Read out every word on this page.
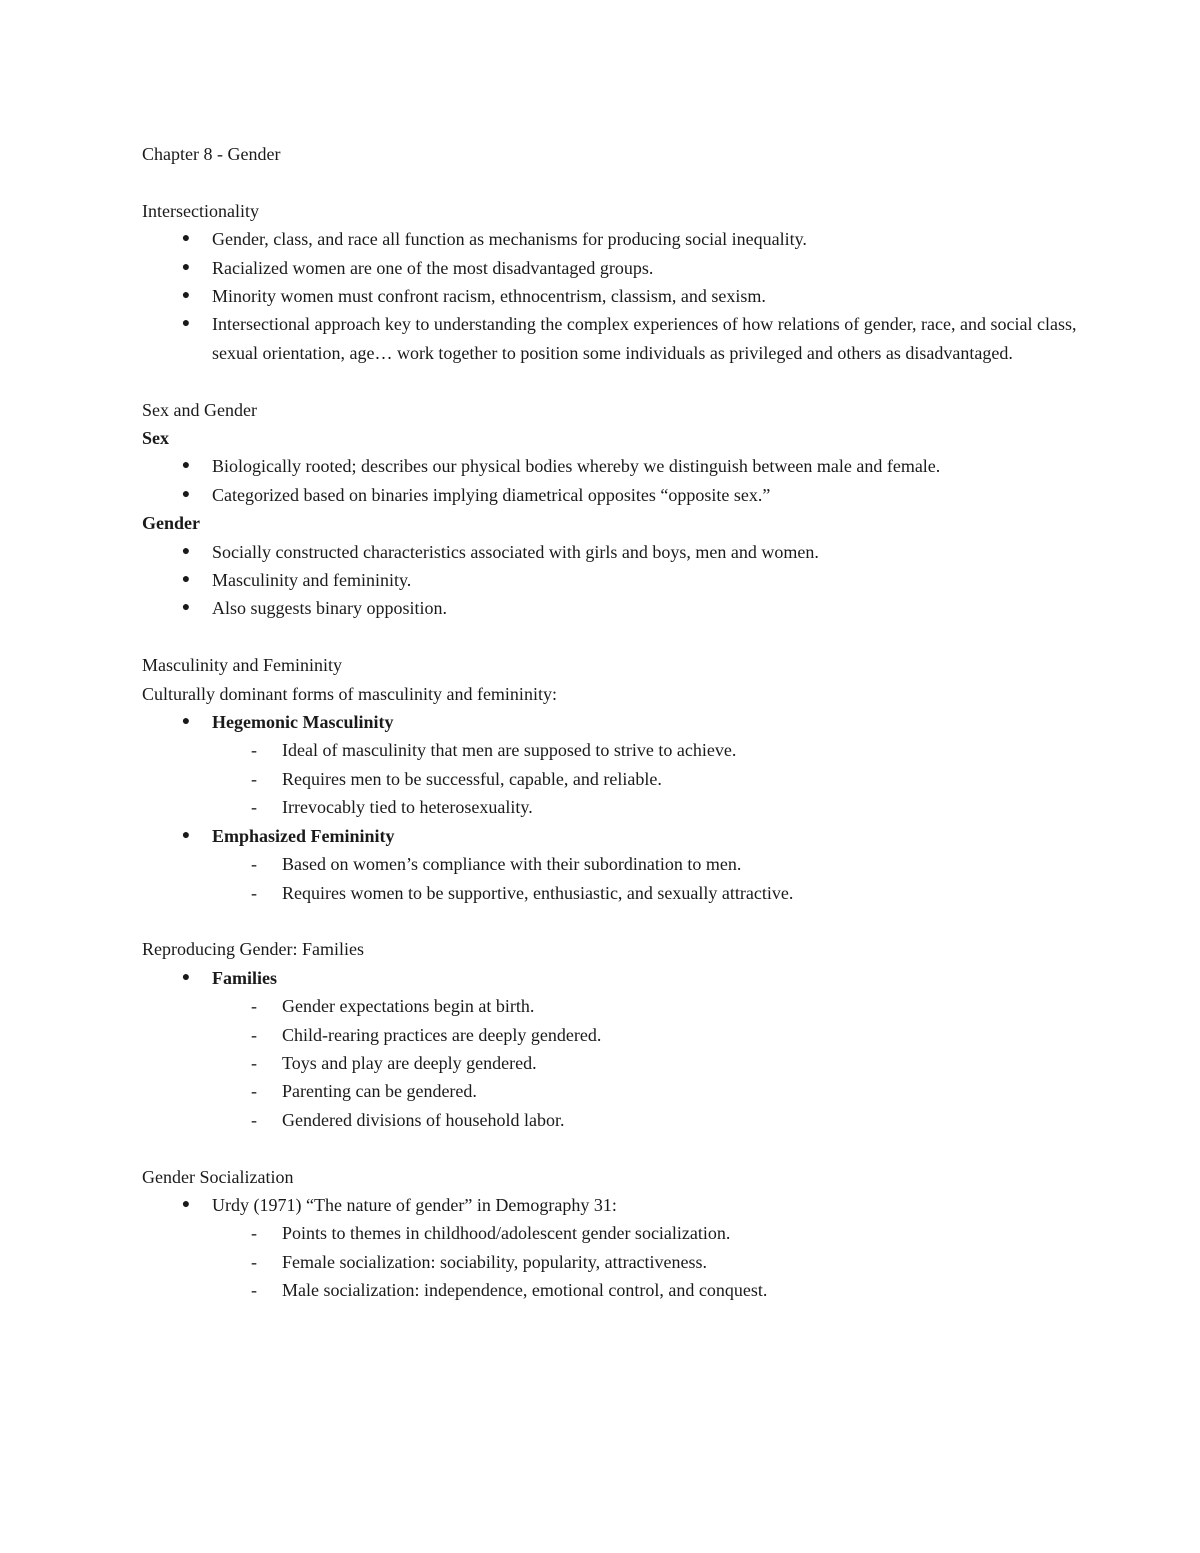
Chapter 8 - Gender
Intersectionality
●	Gender, class, and race all function as mechanisms for producing social inequality.
●	Racialized women are one of the most disadvantaged groups.
●	Minority women must confront racism, ethnocentrism, classism, and sexism.
●	Intersectional approach key to understanding the complex experiences of how relations of gender, race, and social class, sexual orientation, age… work together to position some individuals as privileged and others as disadvantaged.
Sex and Gender
Sex
●	Biologically rooted; describes our physical bodies whereby we distinguish between male and female.
●	Categorized based on binaries implying diametrical opposites “opposite sex.”
Gender
●	Socially constructed characteristics associated with girls and boys, men and women.
●	Masculinity and femininity.
●	Also suggests binary opposition.
Masculinity and Femininity
Culturally dominant forms of masculinity and femininity:
●	Hegemonic Masculinity
- Ideal of masculinity that men are supposed to strive to achieve.
- Requires men to be successful, capable, and reliable.
- Irrevocably tied to heterosexuality.
●	Emphasized Femininity
- Based on women’s compliance with their subordination to men.
- Requires women to be supportive, enthusiastic, and sexually attractive.
Reproducing Gender: Families
●	Families
- Gender expectations begin at birth.
- Child-rearing practices are deeply gendered.
- Toys and play are deeply gendered.
- Parenting can be gendered.
- Gendered divisions of household labor.
Gender Socialization
●	Urdy (1971) “The nature of gender” in Demography 31:
- Points to themes in childhood/adolescent gender socialization.
- Female socialization: sociability, popularity, attractiveness.
- Male socialization: independence, emotional control, and conquest.
